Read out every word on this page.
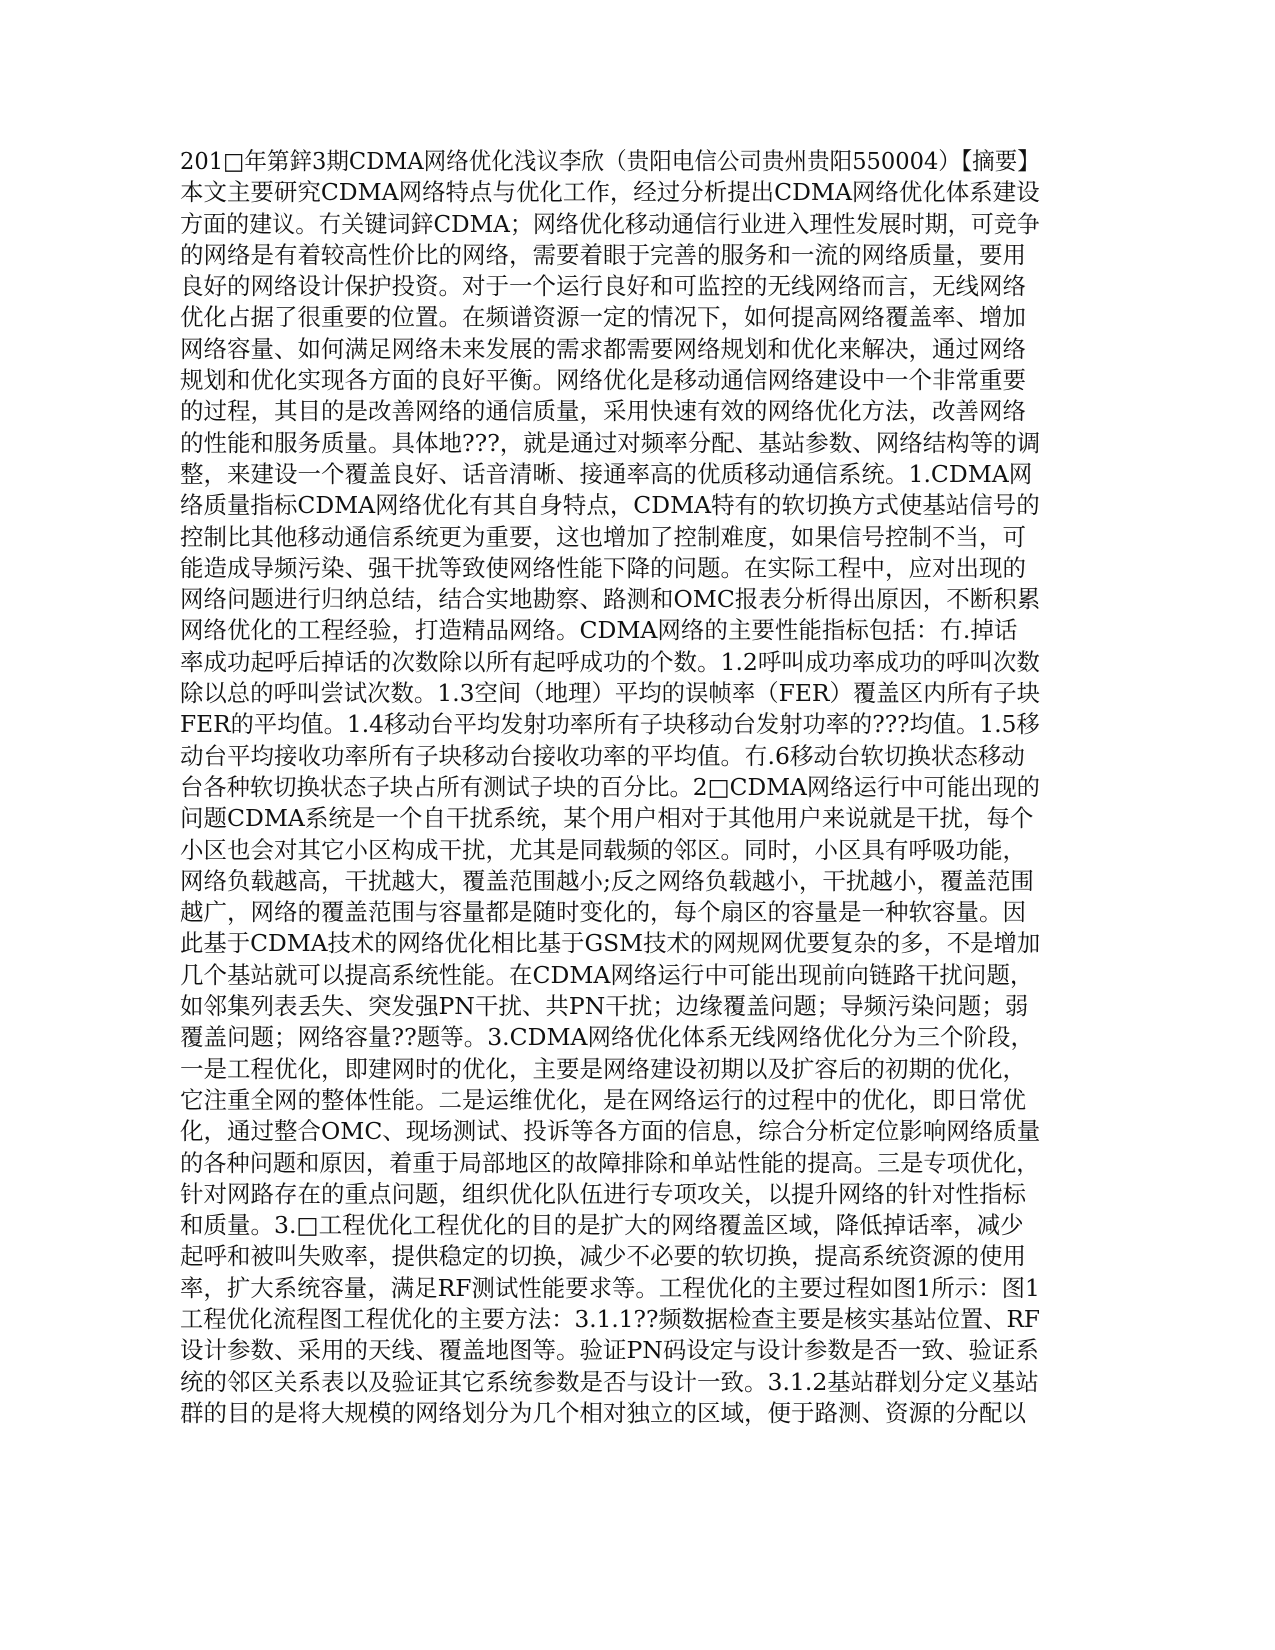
201□年第鋅3期CDMA网络优化浅议李欣（贵阳电信公司贵州贵阳550004）【摘要】
本文主要研究CDMA网络特点与优化工作，经过分析提出CDMA网络优化体系建设
方面的建议。冇关键词鋅CDMA；网络优化移动通信行业进入理性发展时期，可竞争
的网络是有着较高性价比的网络，需要着眼于完善的服务和一流的网络质量，要用
良好的网络设计保护投资。对于一个运行良好和可监控的无线网络而言，无线网络
优化占据了很重要的位置。在频谱资源一定的情况下，如何提高网络覆盖率、增加
网络容量、如何满足网络未来发展的需求都需要网络规划和优化来解决，通过网络
规划和优化实现各方面的良好平衡。网络优化是移动通信网络建设中一个非常重要
的过程，其目的是改善网络的通信质量，采用快速有效的网络优化方法，改善网络
的性能和服务质量。具体地???，就是通过对频率分配、基站参数、网络结构等的调
整，来建设一个覆盖良好、话音清晰、接通率高的优质移动通信系统。1.CDMA网
络质量指标CDMA网络优化有其自身特点，CDMA特有的软切换方式使基站信号的
控制比其他移动通信系统更为重要，这也增加了控制难度，如果信号控制不当，可
能造成导频污染、强干扰等致使网络性能下降的问题。在实际工程中，应对出现的
网络问题进行归纳总结，结合实地勘察、路测和OMC报表分析得出原因，不断积累
网络优化的工程经验，打造精品网络。CDMA网络的主要性能指标包括：冇.掉话
率成功起呼后掉话的次数除以所有起呼成功的个数。1.2呼叫成功率成功的呼叫次数
除以总的呼叫尝试次数。1.3空间（地理）平均的误帧率（FER）覆盖区内所有子块
FER的平均值。1.4移动台平均发射功率所有子块移动台发射功率的???均值。1.5移
动台平均接收功率所有子块移动台接收功率的平均值。冇.6移动台软切换状态移动
台各种软切换状态子块占所有测试子块的百分比。2□CDMA网络运行中可能出现的
问题CDMA系统是一个自干扰系统，某个用户相对于其他用户来说就是干扰，每个
小区也会对其它小区构成干扰，尤其是同载频的邻区。同时，小区具有呼吸功能，
网络负载越高，干扰越大，覆盖范围越小;反之网络负载越小，干扰越小，覆盖范围
越广，网络的覆盖范围与容量都是随时变化的，每个扇区的容量是一种软容量。因
此基于CDMA技术的网络优化相比基于GSM技术的网规网优要复杂的多，不是增加
几个基站就可以提高系统性能。在CDMA网络运行中可能出现前向链路干扰问题，
如邻集列表丢失、突发强PN干扰、共PN干扰；边缘覆盖问题；导频污染问题；弱
覆盖问题；网络容量??题等。3.CDMA网络优化体系无线网络优化分为三个阶段，
一是工程优化，即建网时的优化，主要是网络建设初期以及扩容后的初期的优化，
它注重全网的整体性能。二是运维优化，是在网络运行的过程中的优化，即日常优
化，通过整合OMC、现场测试、投诉等各方面的信息，综合分析定位影响网络质量
的各种问题和原因，着重于局部地区的故障排除和单站性能的提高。三是专项优化，
针对网路存在的重点问题，组织优化队伍进行专项攻关，以提升网络的针对性指标
和质量。3.□工程优化工程优化的目的是扩大的网络覆盖区域，降低掉话率，减少
起呼和被叫失败率，提供稳定的切换，减少不必要的软切换，提高系统资源的使用
率，扩大系统容量，满足RF测试性能要求等。工程优化的主要过程如图1所示：图1
工程优化流程图工程优化的主要方法：3.1.1??频数据检查主要是核实基站位置、RF
设计参数、采用的天线、覆盖地图等。验证PN码设定与设计参数是否一致、验证系
统的邻区关系表以及验证其它系统参数是否与设计一致。3.1.2基站群划分定义基站
群的目的是将大规模的网络划分为几个相对独立的区域，便于路测、资源的分配以
